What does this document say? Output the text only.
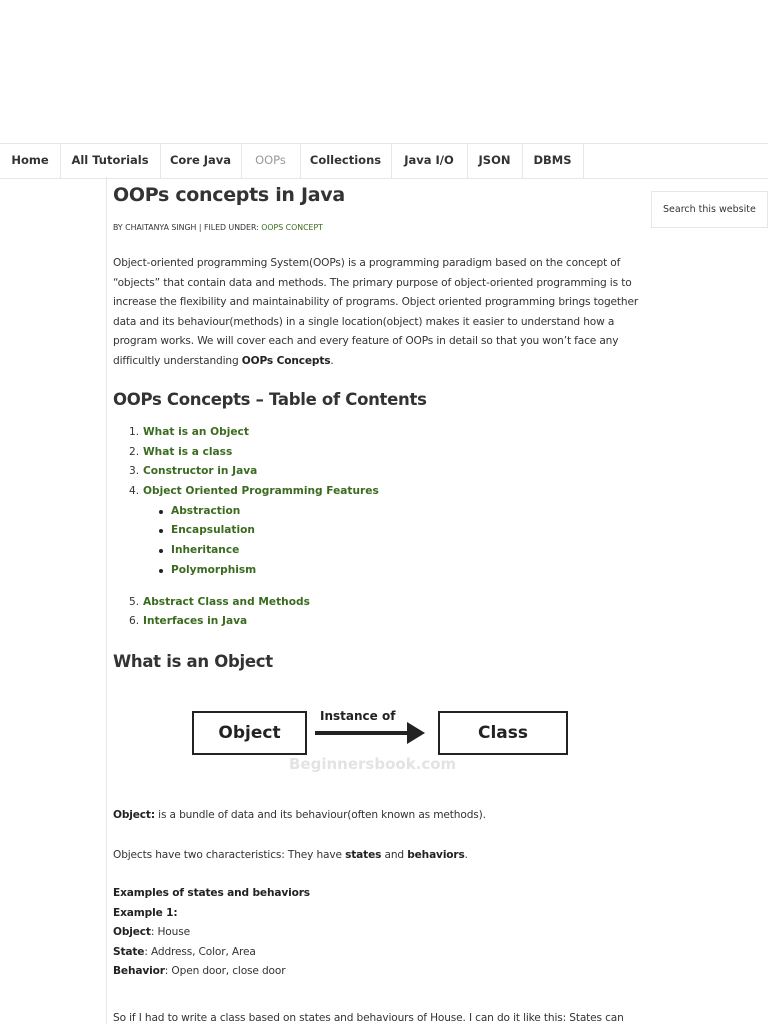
Home	All Tutorials	Core Java	OOPs	Collections	Java I/O	JSON	DBMS
Search this website
OOPs concepts in Java
BY CHAITANYA SINGH | FILED UNDER: OOPS CONCEPT

Object-oriented programming System(OOPs) is a programming paradigm based on the concept of “objects” that contain data and methods. The primary purpose of object-oriented programming is to increase the flexibility and maintainability of programs. Object oriented programming brings together data and its behaviour(methods) in a single location(object) makes it easier to understand how a program works. We will cover each and every feature of OOPs in detail so that you won’t face any difficultly understanding OOPs Concepts.

OOPs Concepts – Table of Contents
1. What is an Object
2. What is a class
3. Constructor in Java
4. Object Oriented Programming Features
Abstraction
Encapsulation
Inheritance
Polymorphism
5. Abstract Class and Methods
6. Interfaces in Java
What is an Object
Object
Instance of
Class
Beginnersbook.com

Object: is a bundle of data and its behaviour(often known as methods).

Objects have two characteristics: They have states and behaviors.

Examples of states and behaviors

Example 1:

Object: House

State: Address, Color, Area

Behavior: Open door, close door

So if I had to write a class based on states and behaviours of House. I can do it like this: States can
